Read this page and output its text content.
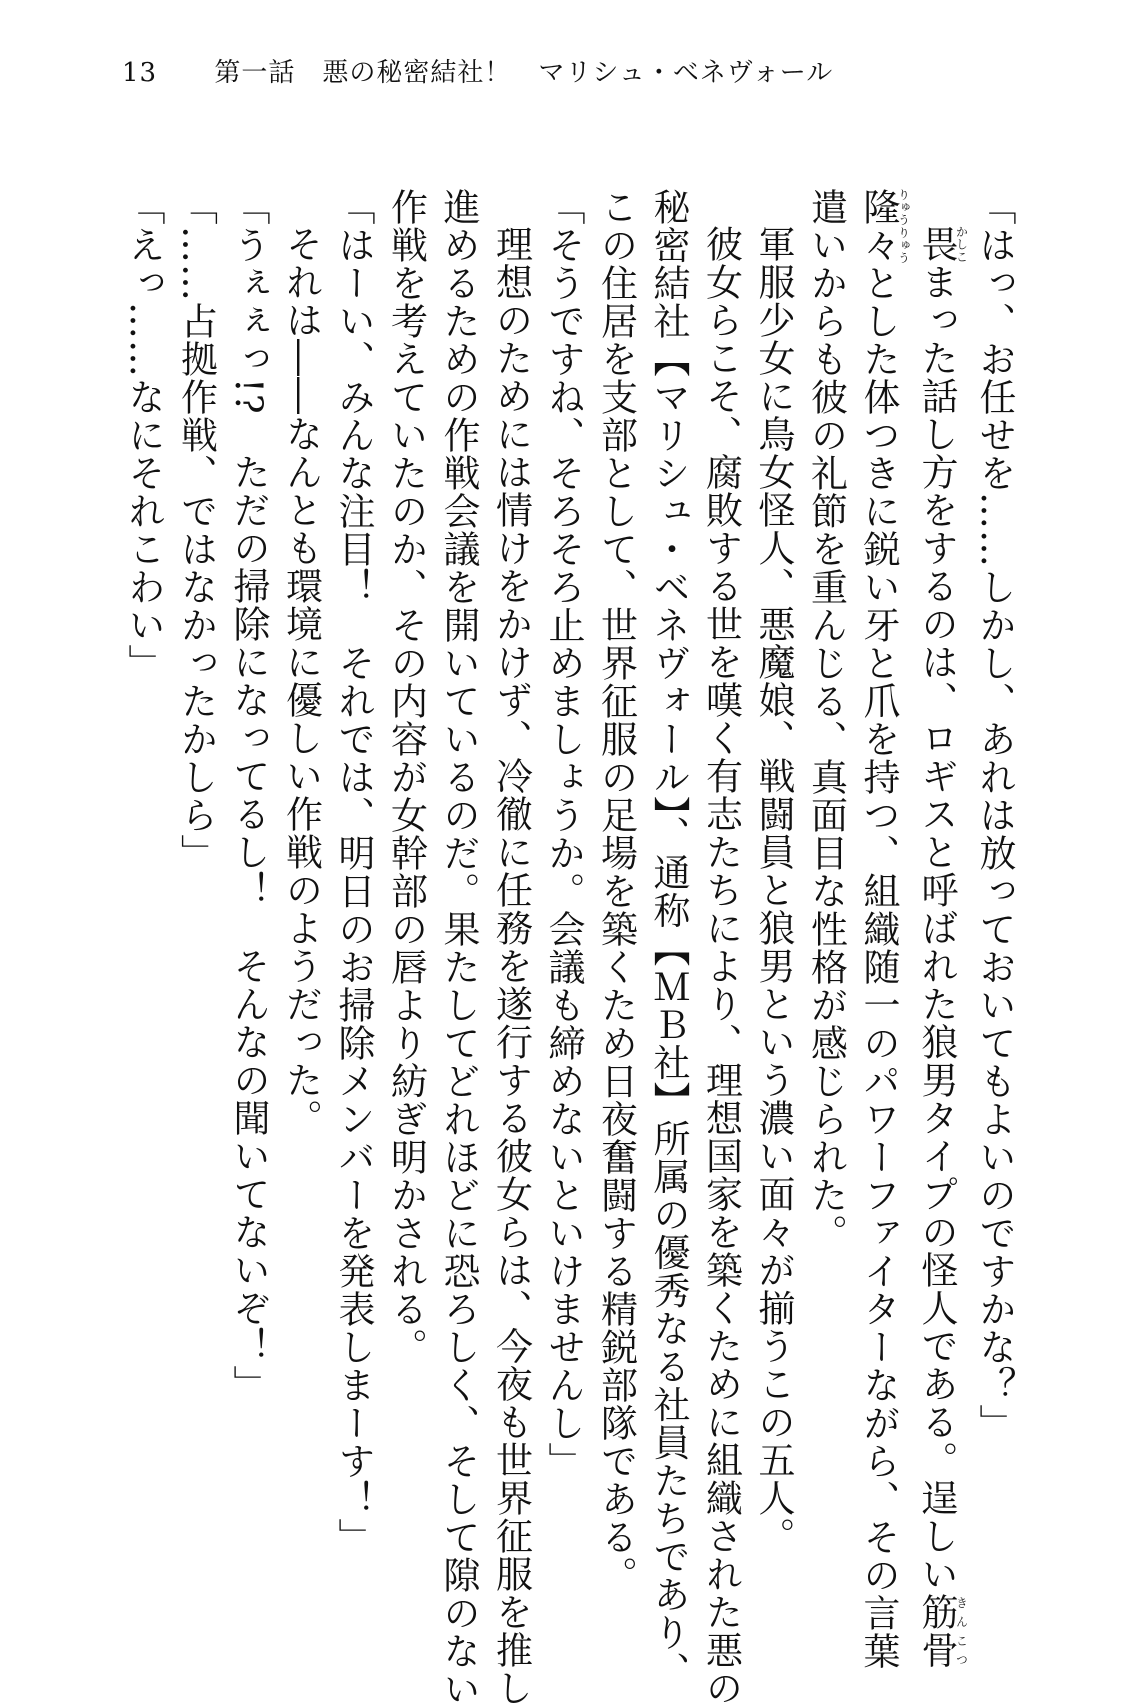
13 第一話　悪の秘密結社！　マリシュ・ベネヴォール
「はっ、お任せを……しかし、あれは放っておいてもよいのですかな？」
畏かしこまった話し方をするのは、ロギスと呼ばれた狼男タイプの怪人である。逞しい筋骨きんこつ
隆々りゅうりゅうとした体つきに鋭い牙と爪を持つ、組織随一のパワーファイターながら、その言葉
遣いからも彼の礼節を重んじる、真面目な性格が感じられた。
軍服少女に鳥女怪人、悪魔娘、戦闘員と狼男という濃い面々が揃うこの五人。
彼女らこそ、腐敗する世を嘆く有志たちにより、理想国家を築くために組織された悪の
秘密結社【マリシュ・ベネヴォール】、通称【ＭＢ社】所属の優秀なる社員たちであり、
この住居を支部として、世界征服の足場を築くため日夜奮闘する精鋭部隊である。
「そうですね、そろそろ止めましょうか。会議も締めないといけませんし」
理想のためには情けをかけず、冷徹に任務を遂行する彼女らは、今夜も世界征服を推し
進めるための作戦会議を開いているのだ。果たしてどれほどに恐ろしく、そして隙のない
作戦を考えていたのか、その内容が女幹部の唇より紡ぎ明かされる。
「はーい、みんな注目！　それでは、明日のお掃除メンバーを発表しまーす！」
それは――なんとも環境に優しい作戦のようだった。
「うぇぇっ!?　ただの掃除になってるし！　そんなの聞いてないぞ！」
「……占拠作戦、ではなかったかしら」
「えっ……なにそれこわい」
